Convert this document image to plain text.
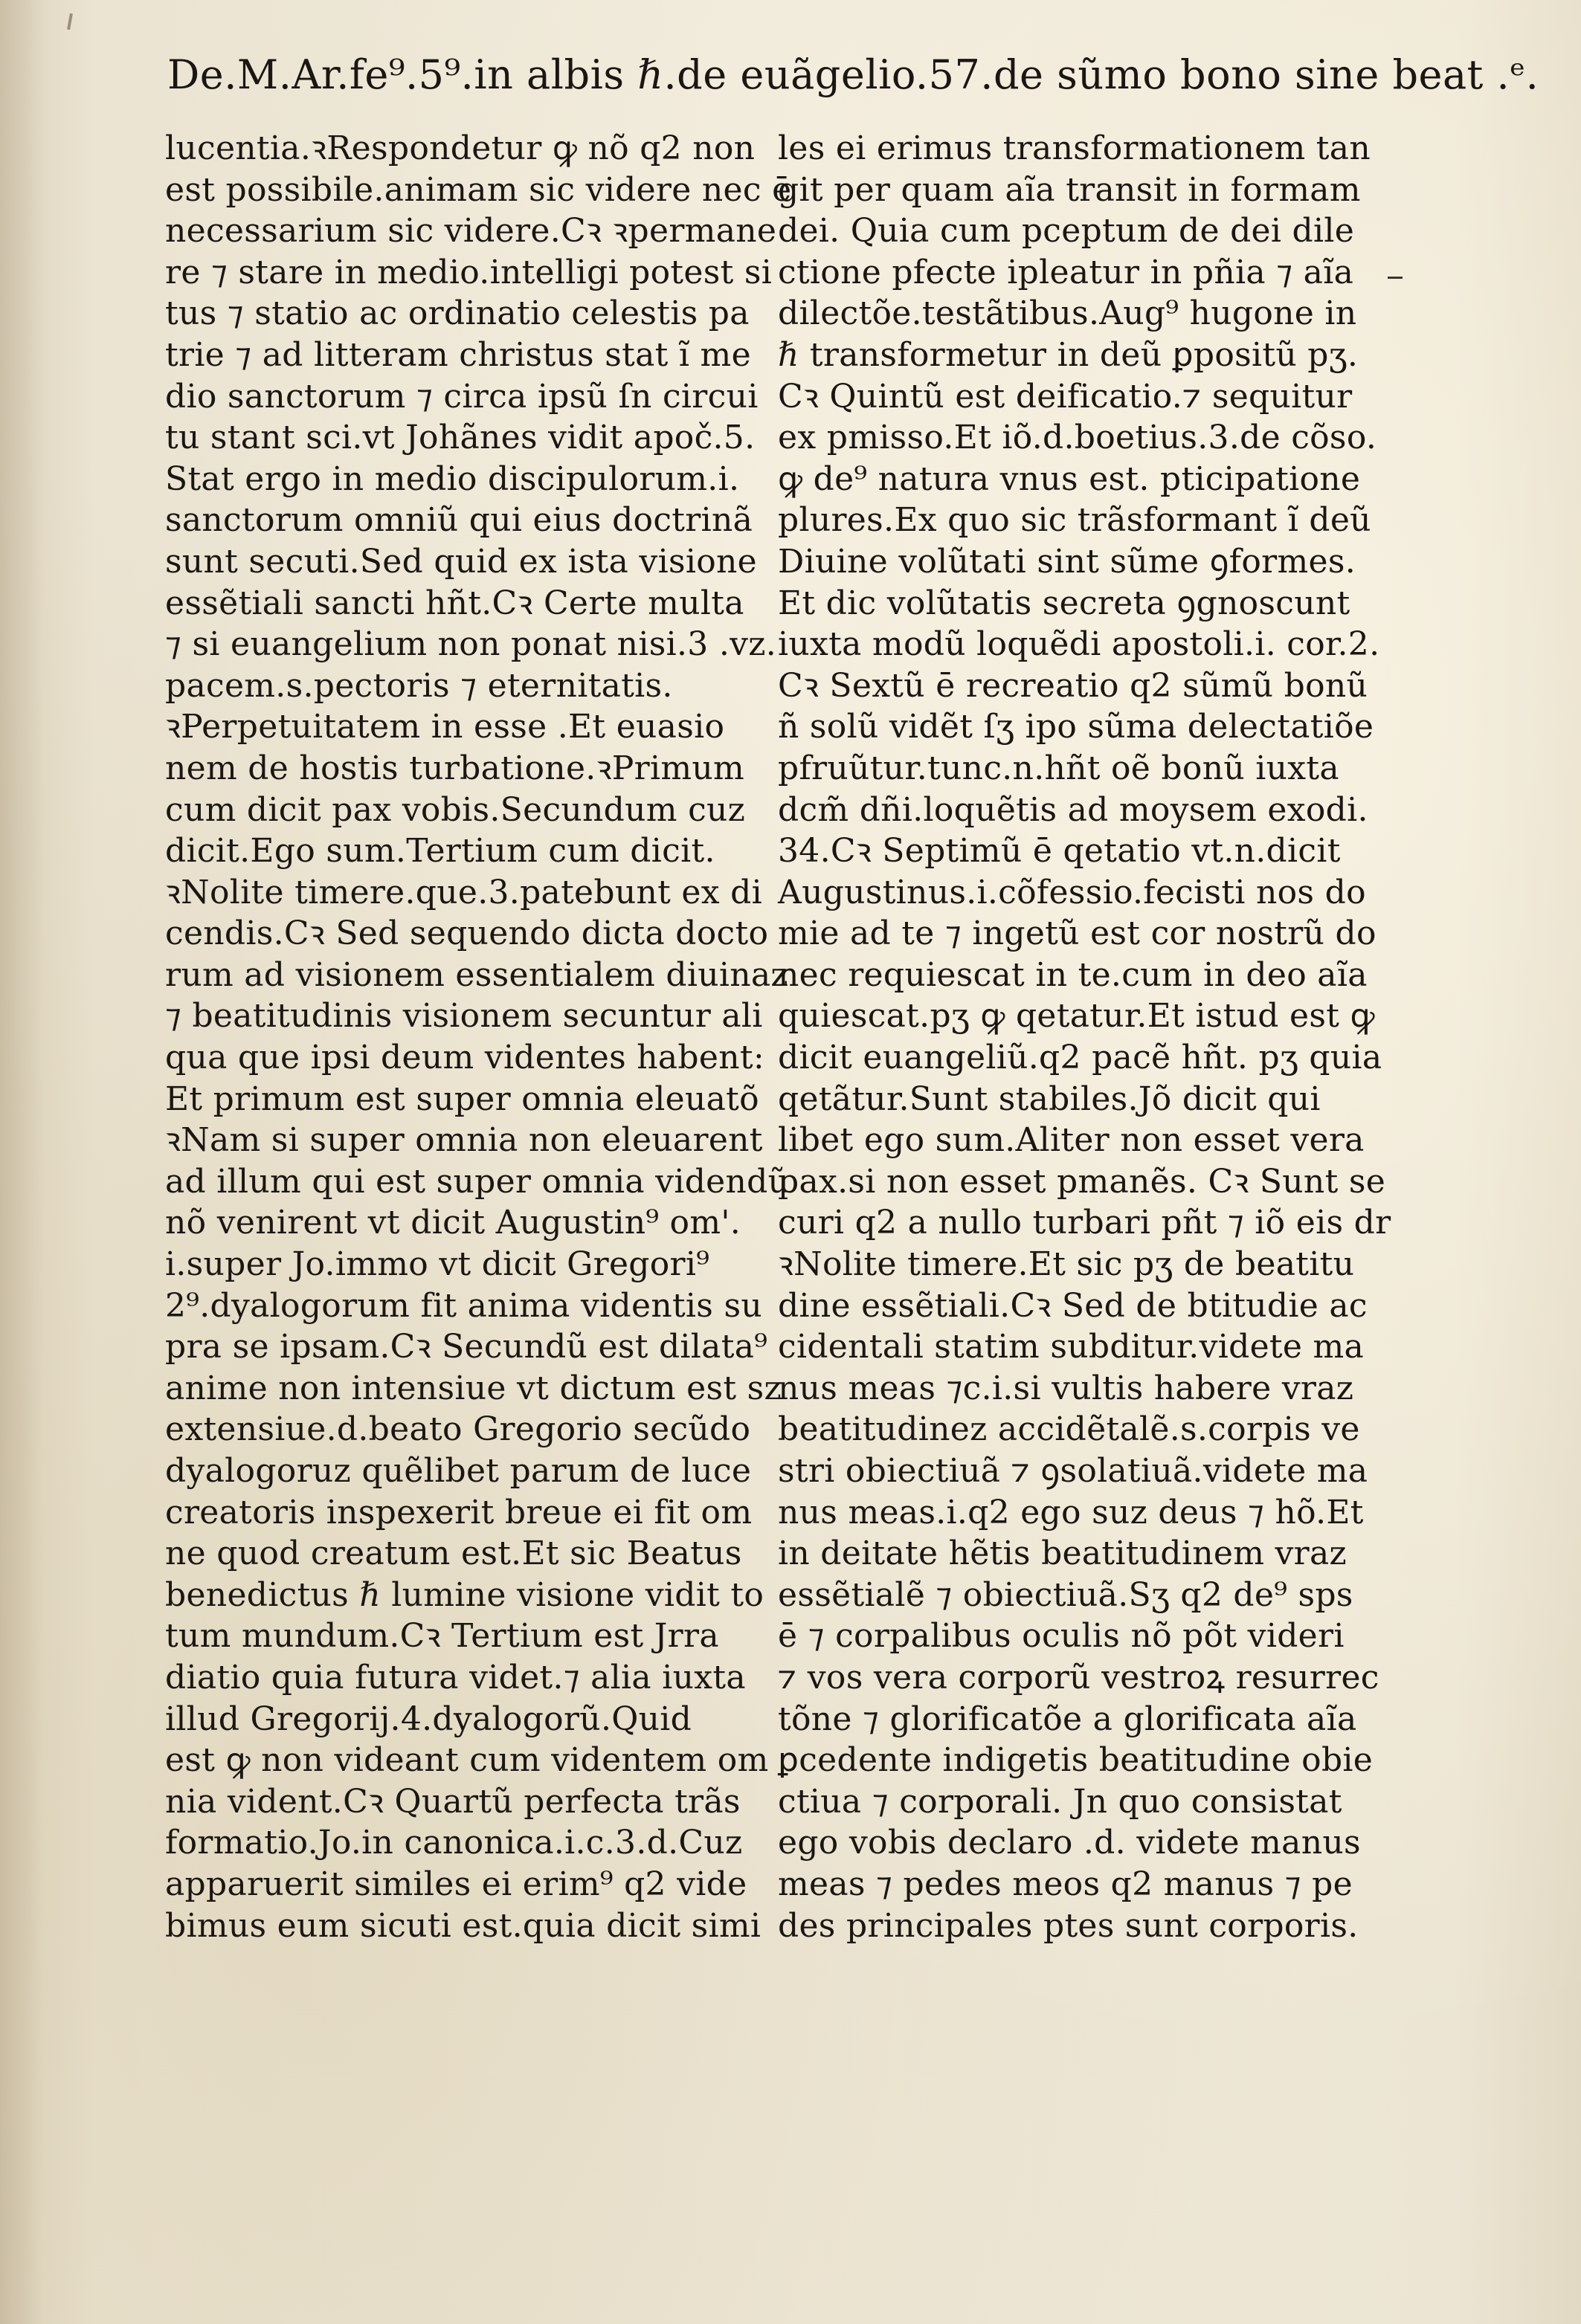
De.M.Ar.fe⁹.5⁹.in albis ℏ.de euãgelio.57.de sũmo bono sine beat .ᵉ.
lucentia.ꝛRespondetur ꝙ nõ q2 non
est possibile.animam sic videre nec ē
necessarium sic videre.Cꝛ ꝛpermane
re ⁊ stare in medio.intelligi potest si
tus ⁊ statio ac ordinatio celestis pa
trie ⁊ ad litteram christus stat ĩ me
dio sanctorum ⁊ circa ipsũ ſn circui
tu stant sci.vt Johãnes vidit apoč.5.
Stat ergo in medio discipulorum.i.
sanctorum omniũ qui eius doctrinã
sunt secuti.Sed quid ex ista visione
essẽtiali sancti hñt.Cꝛ Certe multa
⁊ si euangelium non ponat nisi.3 .vz.
pacem.s.pectoris ⁊ eternitatis.
ꝛPerpetuitatem in esse .Et euasio
nem de hostis turbatione.ꝛPrimum
cum dicit pax vobis.Secundum cuz
dicit.Ego sum.Tertium cum dicit.
ꝛNolite timere.que.3.patebunt ex di
cendis.Cꝛ Sed sequendo dicta docto
rum ad visionem essentialem diuinaz
⁊ beatitudinis visionem secuntur ali
qua que ipsi deum videntes habent:
Et primum est super omnia eleuatõ
ꝛNam si super omnia non eleuarent
ad illum qui est super omnia videndũ
nõ venirent vt dicit Augustin⁹ om'.
i.super Jo.immo vt dicit Gregori⁹
2⁹.dyalogorum fit anima videntis su
pra se ipsam.Cꝛ Secundũ est dilata⁹
anime non intensiue vt dictum est sz
extensiue.d.beato Gregorio secũdo
dyalogoruz quẽlibet parum de luce
creatoris inspexerit breue ei fit om
ne quod creatum est.Et sic Beatus
benedictus ℏ lumine visione vidit to
tum mundum.Cꝛ Tertium est Jrra
diatio quia futura videt.⁊ alia iuxta
illud Gregorij.4.dyalogorũ.Quid
est ꝙ non videant cum videntem om
nia vident.Cꝛ Quartũ perfecta trãs
formatio.Jo.in canonica.i.c.3.d.Cuz
apparuerit similes ei erim⁹ q2 vide
bimus eum sicuti est.quia dicit simi
les ei erimus transformationem tan
git per quam aĩa transit in formam
dei. Quia cum pceptum de dei dile
ctione pfecte ipleatur in pñia ⁊ aĩa
dilectõe.testãtibus.Aug⁹ hugone in
ℏ transformetur in deũ ꝑpositũ pʒ.
Cꝛ Quintũ est deificatio.⁊ sequitur
ex pmisso.Et iõ.d.boetius.3.de cõso.
ꝙ de⁹ natura vnus est. pticipatione
plures.Ex quo sic trãsformant ĩ deũ
Diuine volũtati sint sũme ꝯformes.
Et dic volũtatis secreta ꝯgnoscunt
iuxta modũ loquẽdi apostoli.i. cor.2.
Cꝛ Sextũ ē recreatio q2 sũmũ bonũ
ñ solũ vidẽt ſʒ ipo sũma delectatiõe
pfruũtur.tunc.n.hñt oẽ bonũ iuxta
dcm̃ dñi.loquẽtis ad moysem exodi.
34.Cꝛ Septimũ ē qetatio vt.n.dicit
Augustinus.i.cõfessio.fecisti nos do
mie ad te ⁊ ingetũ est cor nostrũ do
nec requiescat in te.cum in deo aĩa
quiescat.pʒ ꝙ qetatur.Et istud est ꝙ
dicit euangeliũ.q2 pacẽ hñt. pʒ quia
qetãtur.Sunt stabiles.Jõ dicit qui
libet ego sum.Aliter non esset vera
pax.si non esset pmanẽs. Cꝛ Sunt se
curi q2 a nullo turbari pñt ⁊ iõ eis dr
ꝛNolite timere.Et sic pʒ de beatitu
dine essẽtiali.Cꝛ Sed de btitudie ac
cidentali statim subditur.videte ma
nus meas ⁊c.i.si vultis habere vraz
beatitudinez accidẽtalẽ.s.corpis ve
stri obiectiuã ⁊ ꝯsolatiuã.videte ma
nus meas.i.q2 ego suz deus ⁊ hõ.Et
in deitate hẽtis beatitudinem vraz
essẽtialẽ ⁊ obiectiuã.Sʒ q2 de⁹ sps
ē ⁊ corpalibus oculis nõ põt videri
⁊ vos vera corporũ vestroꝝ resurrec
tõne ⁊ glorificatõe a glorificata aĩa
ꝑcedente indigetis beatitudine obie
ctiua ⁊ corporali. Jn quo consistat
ego vobis declaro .d. videte manus
meas ⁊ pedes meos q2 manus ⁊ pe
des principales ptes sunt corporis.
